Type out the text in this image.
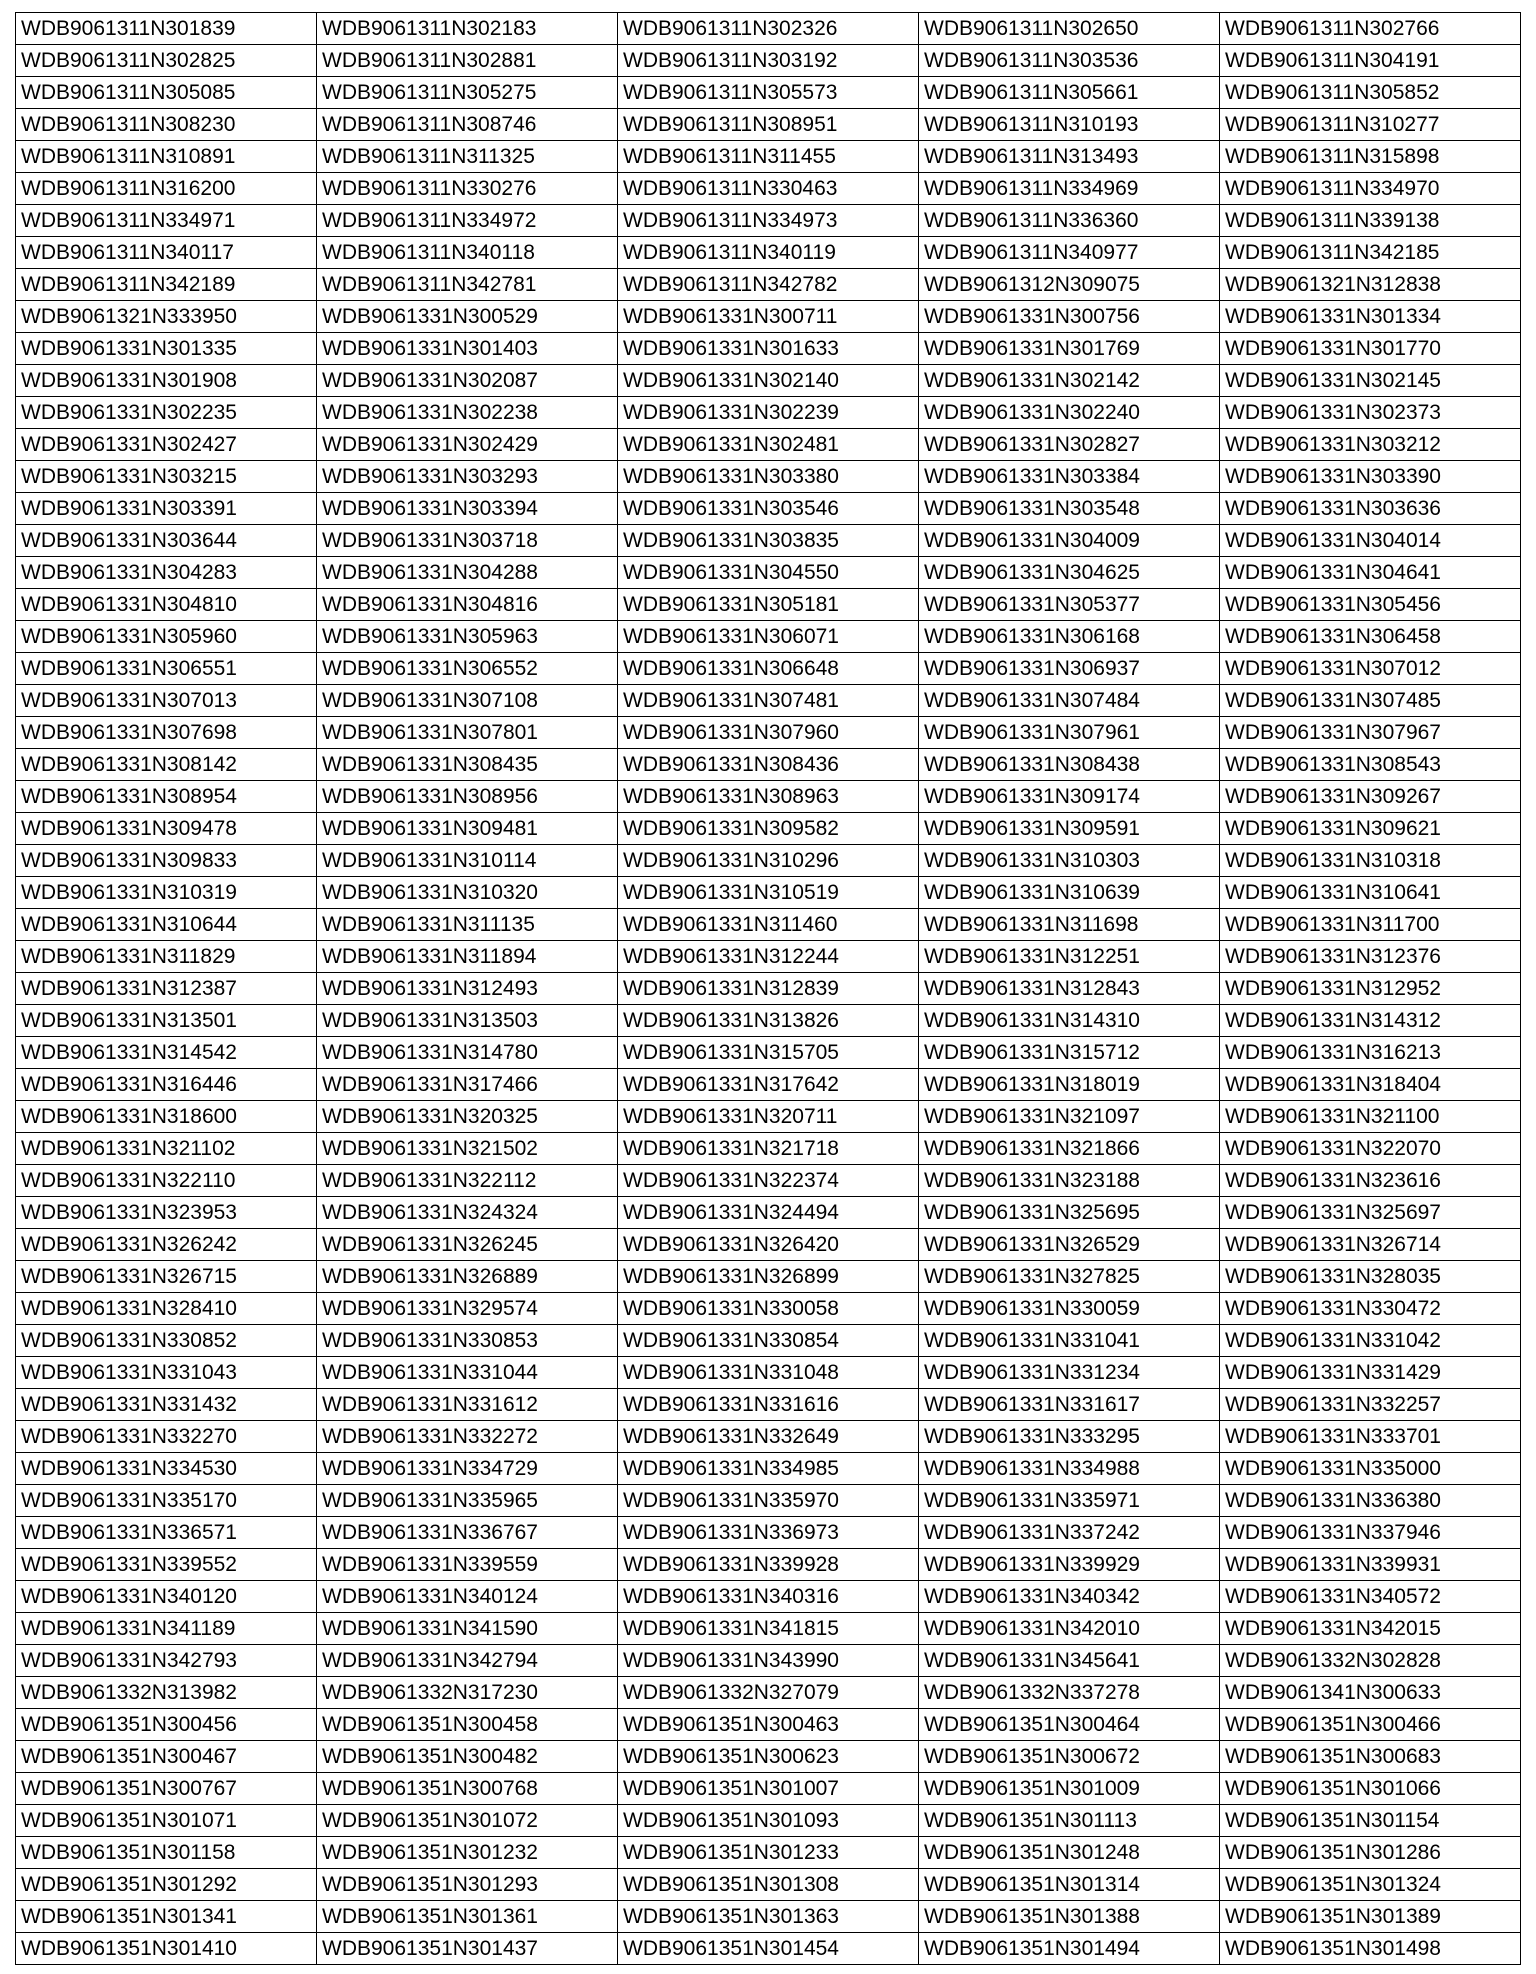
WDB9061311N301839	WDB9061311N302183	WDB9061311N302326	WDB9061311N302650	WDB9061311N302766
WDB9061311N302825	WDB9061311N302881	WDB9061311N303192	WDB9061311N303536	WDB9061311N304191
WDB9061311N305085	WDB9061311N305275	WDB9061311N305573	WDB9061311N305661	WDB9061311N305852
WDB9061311N308230	WDB9061311N308746	WDB9061311N308951	WDB9061311N310193	WDB9061311N310277
WDB9061311N310891	WDB9061311N311325	WDB9061311N311455	WDB9061311N313493	WDB9061311N315898
WDB9061311N316200	WDB9061311N330276	WDB9061311N330463	WDB9061311N334969	WDB9061311N334970
WDB9061311N334971	WDB9061311N334972	WDB9061311N334973	WDB9061311N336360	WDB9061311N339138
WDB9061311N340117	WDB9061311N340118	WDB9061311N340119	WDB9061311N340977	WDB9061311N342185
WDB9061311N342189	WDB9061311N342781	WDB9061311N342782	WDB9061312N309075	WDB9061321N312838
WDB9061321N333950	WDB9061331N300529	WDB9061331N300711	WDB9061331N300756	WDB9061331N301334
WDB9061331N301335	WDB9061331N301403	WDB9061331N301633	WDB9061331N301769	WDB9061331N301770
WDB9061331N301908	WDB9061331N302087	WDB9061331N302140	WDB9061331N302142	WDB9061331N302145
WDB9061331N302235	WDB9061331N302238	WDB9061331N302239	WDB9061331N302240	WDB9061331N302373
WDB9061331N302427	WDB9061331N302429	WDB9061331N302481	WDB9061331N302827	WDB9061331N303212
WDB9061331N303215	WDB9061331N303293	WDB9061331N303380	WDB9061331N303384	WDB9061331N303390
WDB9061331N303391	WDB9061331N303394	WDB9061331N303546	WDB9061331N303548	WDB9061331N303636
WDB9061331N303644	WDB9061331N303718	WDB9061331N303835	WDB9061331N304009	WDB9061331N304014
WDB9061331N304283	WDB9061331N304288	WDB9061331N304550	WDB9061331N304625	WDB9061331N304641
WDB9061331N304810	WDB9061331N304816	WDB9061331N305181	WDB9061331N305377	WDB9061331N305456
WDB9061331N305960	WDB9061331N305963	WDB9061331N306071	WDB9061331N306168	WDB9061331N306458
WDB9061331N306551	WDB9061331N306552	WDB9061331N306648	WDB9061331N306937	WDB9061331N307012
WDB9061331N307013	WDB9061331N307108	WDB9061331N307481	WDB9061331N307484	WDB9061331N307485
WDB9061331N307698	WDB9061331N307801	WDB9061331N307960	WDB9061331N307961	WDB9061331N307967
WDB9061331N308142	WDB9061331N308435	WDB9061331N308436	WDB9061331N308438	WDB9061331N308543
WDB9061331N308954	WDB9061331N308956	WDB9061331N308963	WDB9061331N309174	WDB9061331N309267
WDB9061331N309478	WDB9061331N309481	WDB9061331N309582	WDB9061331N309591	WDB9061331N309621
WDB9061331N309833	WDB9061331N310114	WDB9061331N310296	WDB9061331N310303	WDB9061331N310318
WDB9061331N310319	WDB9061331N310320	WDB9061331N310519	WDB9061331N310639	WDB9061331N310641
WDB9061331N310644	WDB9061331N311135	WDB9061331N311460	WDB9061331N311698	WDB9061331N311700
WDB9061331N311829	WDB9061331N311894	WDB9061331N312244	WDB9061331N312251	WDB9061331N312376
WDB9061331N312387	WDB9061331N312493	WDB9061331N312839	WDB9061331N312843	WDB9061331N312952
WDB9061331N313501	WDB9061331N313503	WDB9061331N313826	WDB9061331N314310	WDB9061331N314312
WDB9061331N314542	WDB9061331N314780	WDB9061331N315705	WDB9061331N315712	WDB9061331N316213
WDB9061331N316446	WDB9061331N317466	WDB9061331N317642	WDB9061331N318019	WDB9061331N318404
WDB9061331N318600	WDB9061331N320325	WDB9061331N320711	WDB9061331N321097	WDB9061331N321100
WDB9061331N321102	WDB9061331N321502	WDB9061331N321718	WDB9061331N321866	WDB9061331N322070
WDB9061331N322110	WDB9061331N322112	WDB9061331N322374	WDB9061331N323188	WDB9061331N323616
WDB9061331N323953	WDB9061331N324324	WDB9061331N324494	WDB9061331N325695	WDB9061331N325697
WDB9061331N326242	WDB9061331N326245	WDB9061331N326420	WDB9061331N326529	WDB9061331N326714
WDB9061331N326715	WDB9061331N326889	WDB9061331N326899	WDB9061331N327825	WDB9061331N328035
WDB9061331N328410	WDB9061331N329574	WDB9061331N330058	WDB9061331N330059	WDB9061331N330472
WDB9061331N330852	WDB9061331N330853	WDB9061331N330854	WDB9061331N331041	WDB9061331N331042
WDB9061331N331043	WDB9061331N331044	WDB9061331N331048	WDB9061331N331234	WDB9061331N331429
WDB9061331N331432	WDB9061331N331612	WDB9061331N331616	WDB9061331N331617	WDB9061331N332257
WDB9061331N332270	WDB9061331N332272	WDB9061331N332649	WDB9061331N333295	WDB9061331N333701
WDB9061331N334530	WDB9061331N334729	WDB9061331N334985	WDB9061331N334988	WDB9061331N335000
WDB9061331N335170	WDB9061331N335965	WDB9061331N335970	WDB9061331N335971	WDB9061331N336380
WDB9061331N336571	WDB9061331N336767	WDB9061331N336973	WDB9061331N337242	WDB9061331N337946
WDB9061331N339552	WDB9061331N339559	WDB9061331N339928	WDB9061331N339929	WDB9061331N339931
WDB9061331N340120	WDB9061331N340124	WDB9061331N340316	WDB9061331N340342	WDB9061331N340572
WDB9061331N341189	WDB9061331N341590	WDB9061331N341815	WDB9061331N342010	WDB9061331N342015
WDB9061331N342793	WDB9061331N342794	WDB9061331N343990	WDB9061331N345641	WDB9061332N302828
WDB9061332N313982	WDB9061332N317230	WDB9061332N327079	WDB9061332N337278	WDB9061341N300633
WDB9061351N300456	WDB9061351N300458	WDB9061351N300463	WDB9061351N300464	WDB9061351N300466
WDB9061351N300467	WDB9061351N300482	WDB9061351N300623	WDB9061351N300672	WDB9061351N300683
WDB9061351N300767	WDB9061351N300768	WDB9061351N301007	WDB9061351N301009	WDB9061351N301066
WDB9061351N301071	WDB9061351N301072	WDB9061351N301093	WDB9061351N301113	WDB9061351N301154
WDB9061351N301158	WDB9061351N301232	WDB9061351N301233	WDB9061351N301248	WDB9061351N301286
WDB9061351N301292	WDB9061351N301293	WDB9061351N301308	WDB9061351N301314	WDB9061351N301324
WDB9061351N301341	WDB9061351N301361	WDB9061351N301363	WDB9061351N301388	WDB9061351N301389
WDB9061351N301410	WDB9061351N301437	WDB9061351N301454	WDB9061351N301494	WDB9061351N301498
